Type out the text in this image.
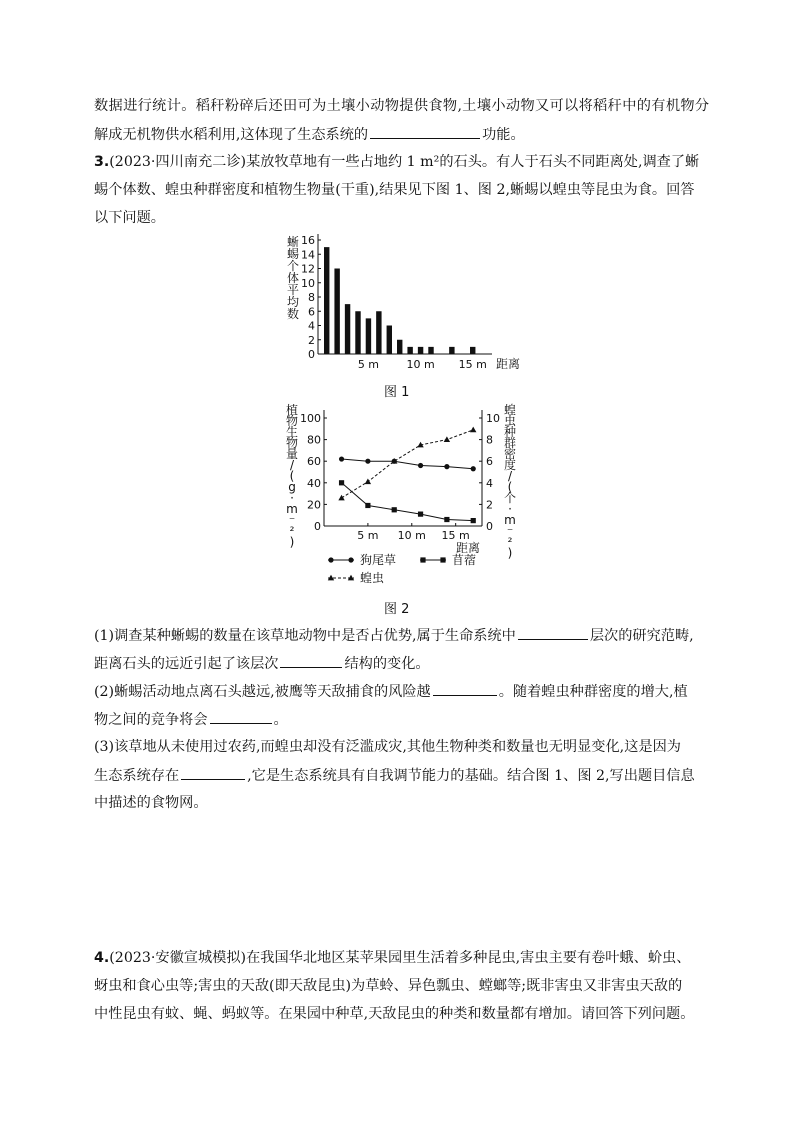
数据进行统计。稻秆粉碎后还田可为土壤小动物提供食物,土壤小动物又可以将稻秆中的有机物分
解成无机物供水稻利用,这体现了生态系统的	功能。
3.(2023·四川南充二诊)某放牧草地有一些占地约 1 m²的石头。有人于石头不同距离处,调查了蜥
蜴个体数、蝗虫种群密度和植物生物量(干重),结果见下图 1、图 2,蜥蜴以蝗虫等昆虫为食。回答
以下问题。
0
2
4
6
8
10
12
14
16
5 m 10 m 15 m 距离
蜥
蜴
个
体
平
均
数
图 1
0
20
40
60
80
100
0
2
4
6
8
10
5 m 10 m 15 m
距离
植
物
生
物
量
/
(
g
·
m
⁻
²
)
蝗
虫
种
群
密
度
/
(
个
·
m
⁻
²
)
狗尾草	苜蓿
蝗虫
图 2
(1)调查某种蜥蜴的数量在该草地动物中是否占优势,属于生命系统中	层次的研究范畴,
距离石头的远近引起了该层次	结构的变化。
(2)蜥蜴活动地点离石头越远,被鹰等天敌捕食的风险越	。随着蝗虫种群密度的增大,植
物之间的竞争将会	。
(3)该草地从未使用过农药,而蝗虫却没有泛滥成灾,其他生物种类和数量也无明显变化,这是因为
生态系统存在	,它是生态系统具有自我调节能力的基础。结合图 1、图 2,写出题目信息
中描述的食物网。
4.(2023·安徽宣城模拟)在我国华北地区某苹果园里生活着多种昆虫,害虫主要有卷叶蛾、蚧虫、
蚜虫和食心虫等;害虫的天敌(即天敌昆虫)为草蛉、异色瓢虫、螳螂等;既非害虫又非害虫天敌的
中性昆虫有蚊、蝇、蚂蚁等。在果园中种草,天敌昆虫的种类和数量都有增加。请回答下列问题。
